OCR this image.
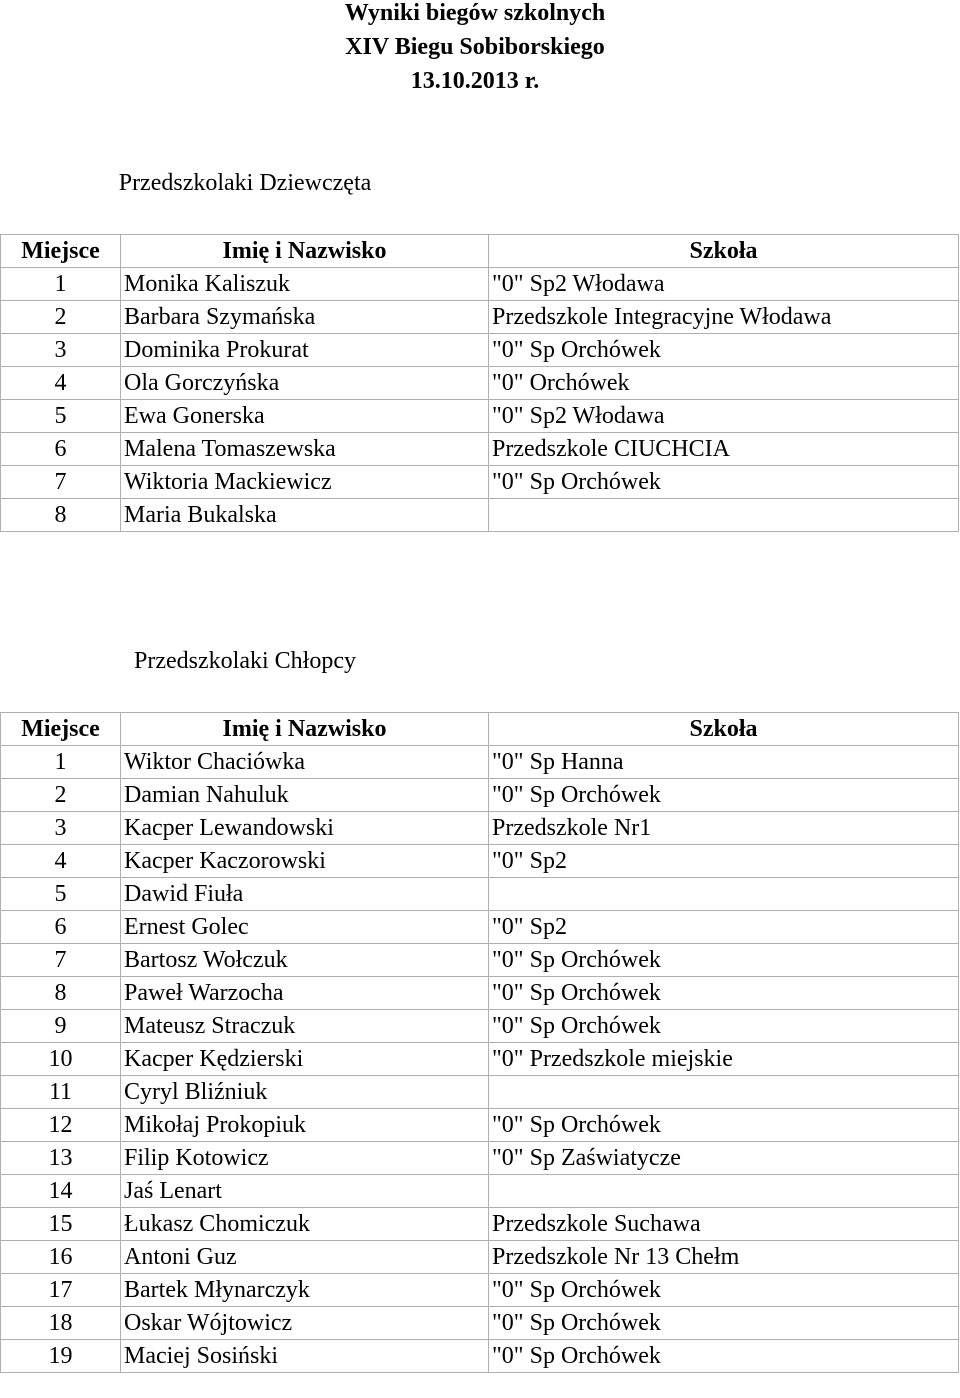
Wyniki biegów szkolnych
XIV Biegu Sobiborskiego
13.10.2013 r.
Przedszkolaki Dziewczęta
Miejsce	Imię i Nazwisko	Szkoła
1	Monika Kaliszuk	"0" Sp2 Włodawa
2	Barbara Szymańska	Przedszkole Integracyjne Włodawa
3	Dominika Prokurat	"0" Sp Orchówek
4	Ola Gorczyńska	"0" Orchówek
5	Ewa Gonerska	"0" Sp2 Włodawa
6	Malena Tomaszewska	Przedszkole CIUCHCIA
7	Wiktoria Mackiewicz	"0" Sp Orchówek
8	Maria Bukalska	
Przedszkolaki Chłopcy
Miejsce	Imię i Nazwisko	Szkoła
1	Wiktor Chaciówka	"0" Sp Hanna
2	Damian Nahuluk	"0" Sp Orchówek
3	Kacper Lewandowski	Przedszkole Nr1
4	Kacper Kaczorowski	"0" Sp2
5	Dawid Fiuła	
6	Ernest Golec	"0" Sp2
7	Bartosz Wołczuk	"0" Sp Orchówek
8	Paweł Warzocha	"0" Sp Orchówek
9	Mateusz Straczuk	"0" Sp Orchówek
10	Kacper Kędzierski	"0" Przedszkole miejskie
11	Cyryl Bliźniuk	
12	Mikołaj Prokopiuk	"0" Sp Orchówek
13	Filip Kotowicz	"0" Sp Zaświatycze
14	Jaś Lenart	
15	Łukasz Chomiczuk	Przedszkole Suchawa
16	Antoni Guz	Przedszkole Nr 13 Chełm
17	Bartek Młynarczyk	"0" Sp Orchówek
18	Oskar Wójtowicz	"0" Sp Orchówek
19	Maciej Sosiński	"0" Sp Orchówek
